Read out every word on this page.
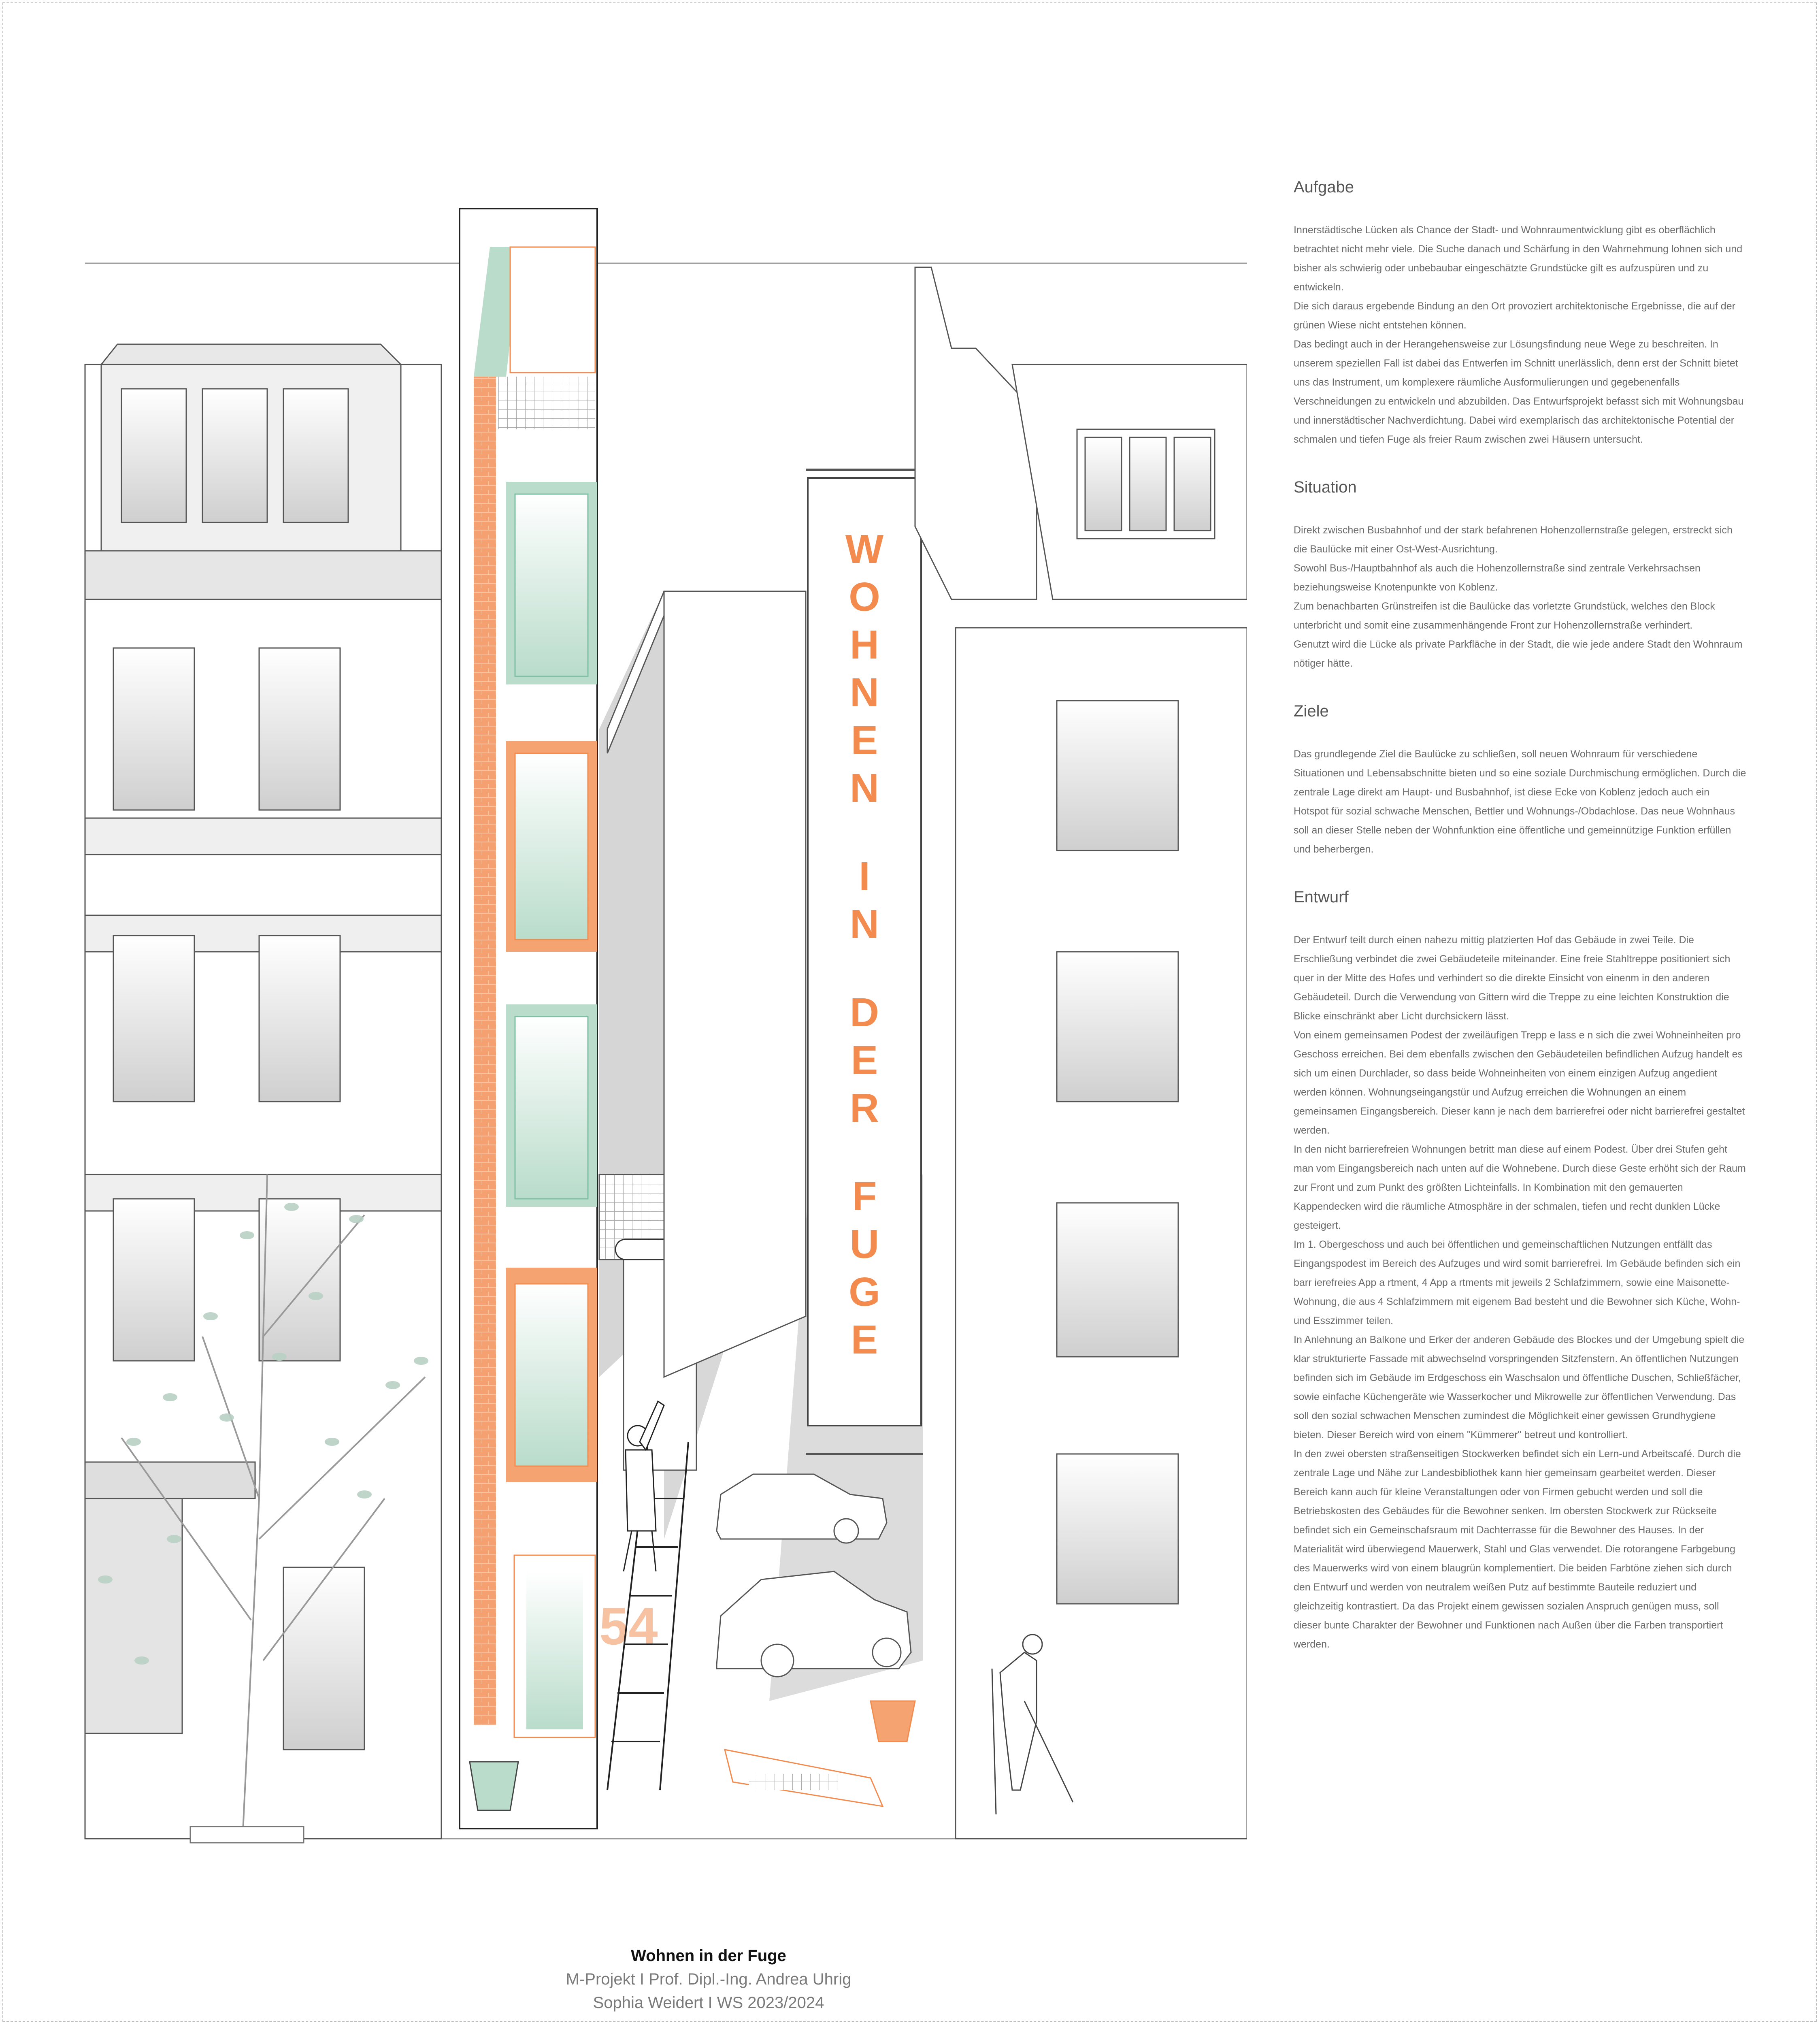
54
W
O
H
N
E
N
I
N
D
E
R
F
U
G
E
Aufgabe

Innerstädtische Lücken als Chance der Stadt- und Wohnraumentwicklung gibt es oberflächlich betrachtet nicht mehr viele. Die Suche danach und Schärfung in den Wahrnehmung lohnen sich und bisher als schwierig oder unbebaubar eingeschätzte Grundstücke gilt es aufzuspüren und zu entwickeln.
Die sich daraus ergebende Bindung an den Ort provoziert architektonische Ergebnisse, die auf der grünen Wiese nicht entstehen können.
Das bedingt auch in der Herangehensweise zur Lösungsfindung neue Wege zu beschreiten. In unserem speziellen Fall ist dabei das Entwerfen im Schnitt unerlässlich, denn erst der Schnitt bietet uns das Instrument, um komplexere räumliche Ausformulierungen und gegebenenfalls Verschneidungen zu entwickeln und abzubilden. Das Entwurfsprojekt befasst sich mit Wohnungsbau und innerstädtischer Nachverdichtung. Dabei wird exemplarisch das architektonische Potential der
schmalen und tiefen Fuge als freier Raum zwischen zwei Häusern untersucht.

Situation

Direkt zwischen Busbahnhof und der stark befahrenen Hohenzollernstraße gelegen, erstreckt sich die Baulücke mit einer Ost-West-Ausrichtung.
Sowohl Bus-/Hauptbahnhof als auch die Hohenzollernstraße sind zentrale Verkehrsachsen beziehungsweise Knotenpunkte von Koblenz.
Zum benachbarten Grünstreifen ist die Baulücke das vorletzte Grundstück, welches den Block unterbricht und somit eine zusammenhängende Front zur Hohenzollernstraße verhindert.
Genutzt wird die Lücke als private Parkfläche in der Stadt, die wie jede andere Stadt den Wohnraum nötiger hätte.

Ziele

Das grundlegende Ziel die Baulücke zu schließen, soll neuen Wohnraum für verschiedene Situationen und Lebensabschnitte bieten und so eine soziale Durchmischung ermöglichen. Durch die zentrale Lage direkt am Haupt- und Busbahnhof, ist diese Ecke von Koblenz jedoch auch ein Hotspot für sozial schwache Menschen, Bettler und Wohnungs-/Obdachlose. Das neue Wohnhaus soll an dieser Stelle neben der Wohnfunktion eine öffentliche und gemeinnützige Funktion erfüllen und beherbergen.

Entwurf

Der Entwurf teilt durch einen nahezu mittig platzierten Hof das Gebäude in zwei Teile. Die Erschließung verbindet die zwei Gebäudeteile miteinander. Eine freie Stahltreppe positioniert sich quer in der Mitte des Hofes und verhindert so die direkte Einsicht von einenm in den anderen Gebäudeteil. Durch die Verwendung von Gittern wird die Treppe zu eine leichten Konstruktion die Blicke einschränkt aber Licht durchsickern lässt.
Von einem gemeinsamen Podest der zweiläufigen Trepp e lass e n sich die zwei Wohneinheiten pro Geschoss erreichen. Bei dem ebenfalls zwischen den Gebäudeteilen befindlichen Aufzug handelt es sich um einen Durchlader, so dass beide Wohneinheiten von einem einzigen Aufzug angedient werden können. Wohnungseingangstür und Aufzug erreichen die Wohnungen an einem gemeinsamen Eingangsbereich. Dieser kann je nach dem barrierefrei oder nicht barrierefrei gestaltet werden.
In den nicht barrierefreien Wohnungen betritt man diese auf einem Podest. Über drei Stufen geht man vom Eingangsbereich nach unten auf die Wohnebene. Durch diese Geste erhöht sich der Raum zur Front und zum Punkt des größten Lichteinfalls. In Kombination mit den gemauerten Kappendecken wird die räumliche Atmosphäre in der schmalen, tiefen und recht dunklen Lücke gesteigert.
Im 1. Obergeschoss und auch bei öffentlichen und gemeinschaftlichen Nutzungen entfällt das Eingangspodest im Bereich des Aufzuges und wird somit barrierefrei. Im Gebäude befinden sich ein barr ierefreies App a rtment, 4 App a rtments mit jeweils 2 Schlafzimmern, sowie eine Maisonette-Wohnung, die aus 4 Schlafzimmern mit eigenem Bad besteht und die Bewohner sich Küche, Wohn-und Esszimmer teilen.
In Anlehnung an Balkone und Erker der anderen Gebäude des Blockes und der Umgebung spielt die klar strukturierte Fassade mit abwechselnd vorspringenden Sitzfenstern. An öffentlichen Nutzungen befinden sich im Gebäude im Erdgeschoss ein Waschsalon und öffentliche Duschen, Schließfächer, sowie einfache Küchengeräte wie Wasserkocher und Mikrowelle zur öffentlichen Verwendung. Das soll den sozial schwachen Menschen zumindest die Möglichkeit einer gewissen Grundhygiene bieten. Dieser Bereich wird von einem "Kümmerer" betreut und kontrolliert.
In den zwei obersten straßenseitigen Stockwerken befindet sich ein Lern-und Arbeitscafé. Durch die zentrale Lage und Nähe zur Landesbibliothek kann hier gemeinsam gearbeitet werden. Dieser Bereich kann auch für kleine Veranstaltungen oder von Firmen gebucht werden und soll die Betriebskosten des Gebäudes für die Bewohner senken. Im obersten Stockwerk zur Rückseite befindet sich ein Gemeinschafsraum mit Dachterrasse für die Bewohner des Hauses. In der Materialität wird überwiegend Mauerwerk, Stahl und Glas verwendet. Die rotorangene Farbgebung des Mauerwerks wird von einem blaugrün komplementiert. Die beiden Farbtöne ziehen sich durch den Entwurf und werden von neutralem weißen Putz auf bestimmte Bauteile reduziert und gleichzeitig kontrastiert. Da das Projekt einem gewissen sozialen Anspruch genügen muss, soll dieser bunte Charakter der Bewohner und Funktionen nach Außen über die Farben transportiert werden.

Wohnen in der Fuge
M-Projekt I Prof. Dipl.-Ing. Andrea Uhrig
Sophia Weidert I WS 2023/2024
